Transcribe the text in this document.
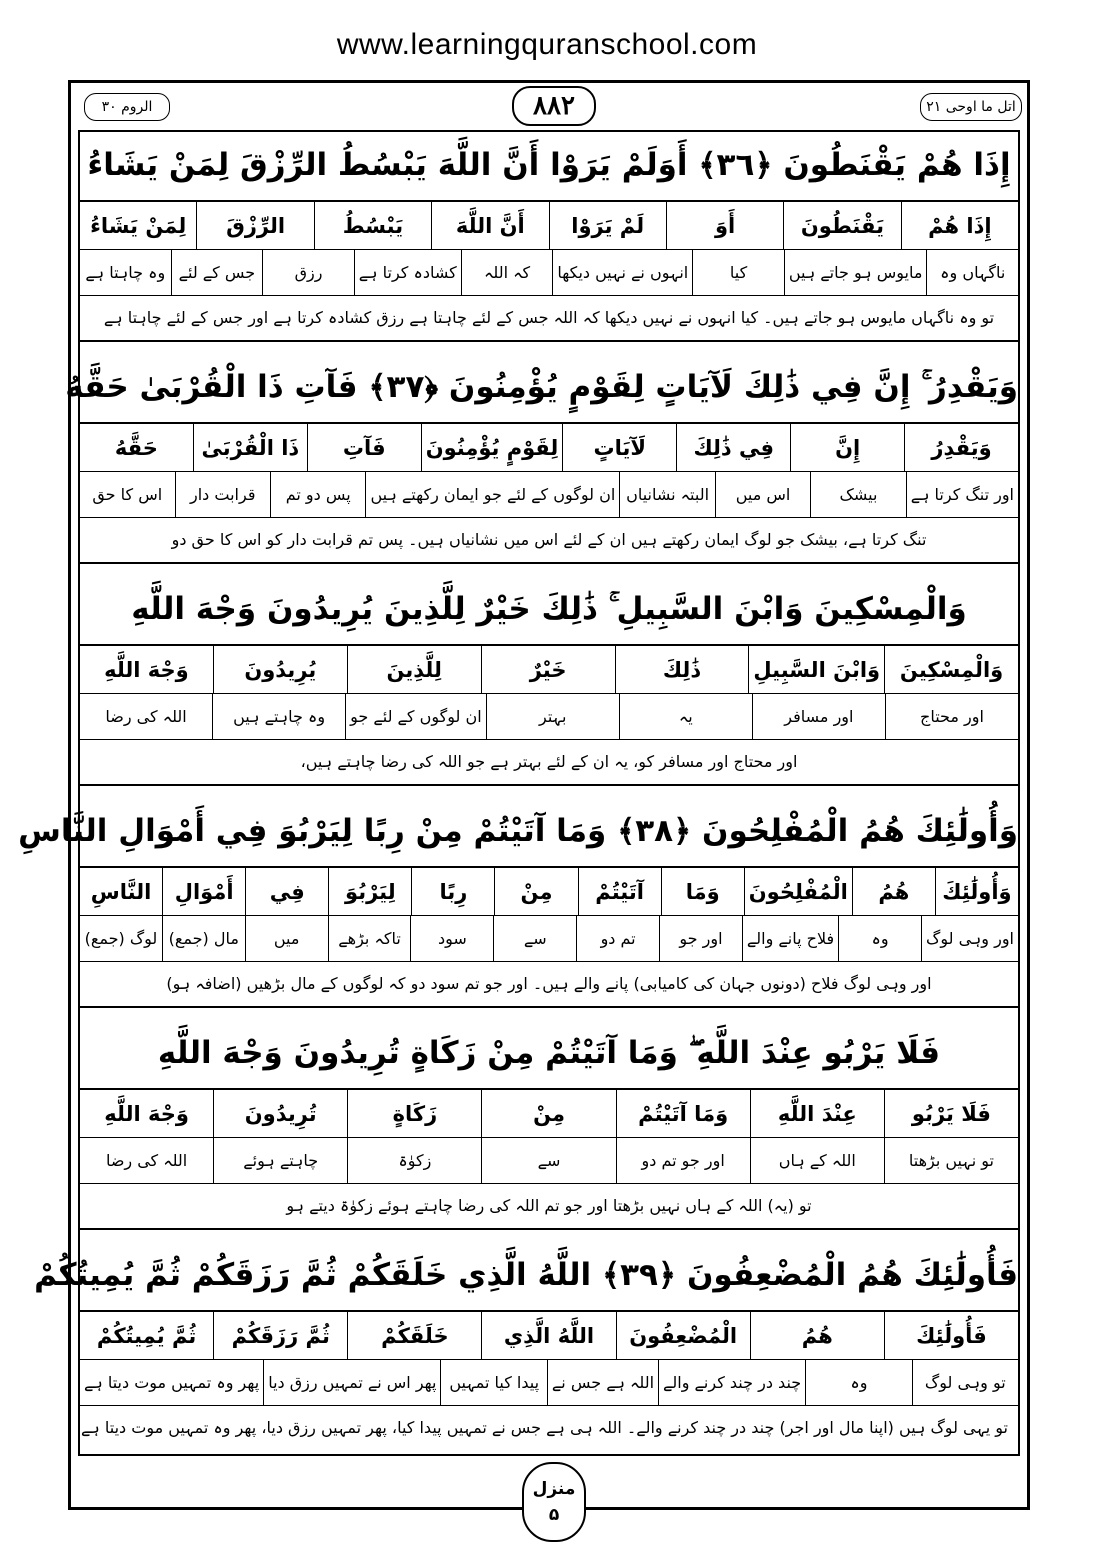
www.learningquranschool.com
الروم ۳۰	۸۸۲	اتل ما اوحی ۲۱
إِذَا هُمْ يَقْنَطُونَ ﴿٣٦﴾ أَوَلَمْ يَرَوْا أَنَّ اللَّهَ يَبْسُطُ الرِّزْقَ لِمَنْ يَشَاءُ
إِذَا هُمْ
يَقْنَطُونَ
أَوَ
لَمْ يَرَوْا
أَنَّ اللَّهَ
يَبْسُطُ
الرِّزْقَ
لِمَنْ يَشَاءُ
ناگہاں وہ
مایوس ہو جاتے ہیں
کیا
انہوں نے نہیں دیکھا
کہ اللہ
کشادہ کرتا ہے
رزق
جس کے لئے
وہ چاہتا ہے
تو وہ ناگہاں مایوس ہو جاتے ہیں۔ کیا انہوں نے نہیں دیکھا کہ اللہ جس کے لئے چاہتا ہے رزق کشادہ کرتا ہے اور جس کے لئے چاہتا ہے
وَيَقْدِرُ ۚ إِنَّ فِي ذَٰلِكَ لَآيَاتٍ لِقَوْمٍ يُؤْمِنُونَ ﴿٣٧﴾ فَآتِ ذَا الْقُرْبَىٰ حَقَّهُ
وَيَقْدِرُ
إِنَّ
فِي ذَٰلِكَ
لَآيَاتٍ
لِقَوْمٍ يُؤْمِنُونَ
فَآتِ
ذَا الْقُرْبَىٰ
حَقَّهُ
اور تنگ کرتا ہے
بیشک
اس میں
البتہ نشانیاں
ان لوگوں کے لئے جو ایمان رکھتے ہیں
پس دو تم
قرابت دار
اس کا حق
تنگ کرتا ہے، بیشک جو لوگ ایمان رکھتے ہیں ان کے لئے اس میں نشانیاں ہیں۔ پس تم قرابت دار کو اس کا حق دو
وَالْمِسْكِينَ وَابْنَ السَّبِيلِ ۚ ذَٰلِكَ خَيْرٌ لِلَّذِينَ يُرِيدُونَ وَجْهَ اللَّهِ
وَالْمِسْكِينَ
وَابْنَ السَّبِيلِ
ذَٰلِكَ
خَيْرٌ
لِلَّذِينَ
يُرِيدُونَ
وَجْهَ اللَّهِ
اور محتاج
اور مسافر
یہ
بہتر
ان لوگوں کے لئے جو
وہ چاہتے ہیں
اللہ کی رضا
اور محتاج اور مسافر کو، یہ ان کے لئے بہتر ہے جو اللہ کی رضا چاہتے ہیں،
وَأُولَٰئِكَ هُمُ الْمُفْلِحُونَ ﴿٣٨﴾ وَمَا آتَيْتُمْ مِنْ رِبًا لِيَرْبُوَ فِي أَمْوَالِ النَّاسِ
وَأُولَٰئِكَ
هُمُ
الْمُفْلِحُونَ
وَمَا
آتَيْتُمْ
مِنْ
رِبًا
لِيَرْبُوَ
فِي
أَمْوَالِ
النَّاسِ
اور وہی لوگ
وہ
فلاح پانے والے
اور جو
تم دو
سے
سود
تاکہ بڑھے
میں
مال (جمع)
لوگ (جمع)
اور وہی لوگ فلاح (دونوں جہان کی کامیابی) پانے والے ہیں۔ اور جو تم سود دو کہ لوگوں کے مال بڑھیں (اضافہ ہو)
فَلَا يَرْبُو عِنْدَ اللَّهِ ۖ وَمَا آتَيْتُمْ مِنْ زَكَاةٍ تُرِيدُونَ وَجْهَ اللَّهِ
فَلَا يَرْبُو
عِنْدَ اللَّهِ
وَمَا آتَيْتُمْ
مِنْ
زَكَاةٍ
تُرِيدُونَ
وَجْهَ اللَّهِ
تو نہیں بڑھتا
اللہ کے ہاں
اور جو تم دو
سے
زکوٰۃ
چاہتے ہوئے
اللہ کی رضا
تو (یہ) اللہ کے ہاں نہیں بڑھتا اور جو تم اللہ کی رضا چاہتے ہوئے زکوٰۃ دیتے ہو
فَأُولَٰئِكَ هُمُ الْمُضْعِفُونَ ﴿٣٩﴾ اللَّهُ الَّذِي خَلَقَكُمْ ثُمَّ رَزَقَكُمْ ثُمَّ يُمِيتُكُمْ
فَأُولَٰئِكَ
هُمُ
الْمُضْعِفُونَ
اللَّهُ الَّذِي
خَلَقَكُمْ
ثُمَّ رَزَقَكُمْ
ثُمَّ يُمِيتُكُمْ
تو وہی لوگ
وہ
چند در چند کرنے والے
اللہ ہے جس نے
پیدا کیا تمہیں
پھر اس نے تمہیں رزق دیا
پھر وہ تمہیں موت دیتا ہے
تو یہی لوگ ہیں (اپنا مال اور اجر) چند در چند کرنے والے۔ اللہ ہی ہے جس نے تمہیں پیدا کیا، پھر تمہیں رزق دیا، پھر وہ تمہیں موت دیتا ہے
منزل
۵
